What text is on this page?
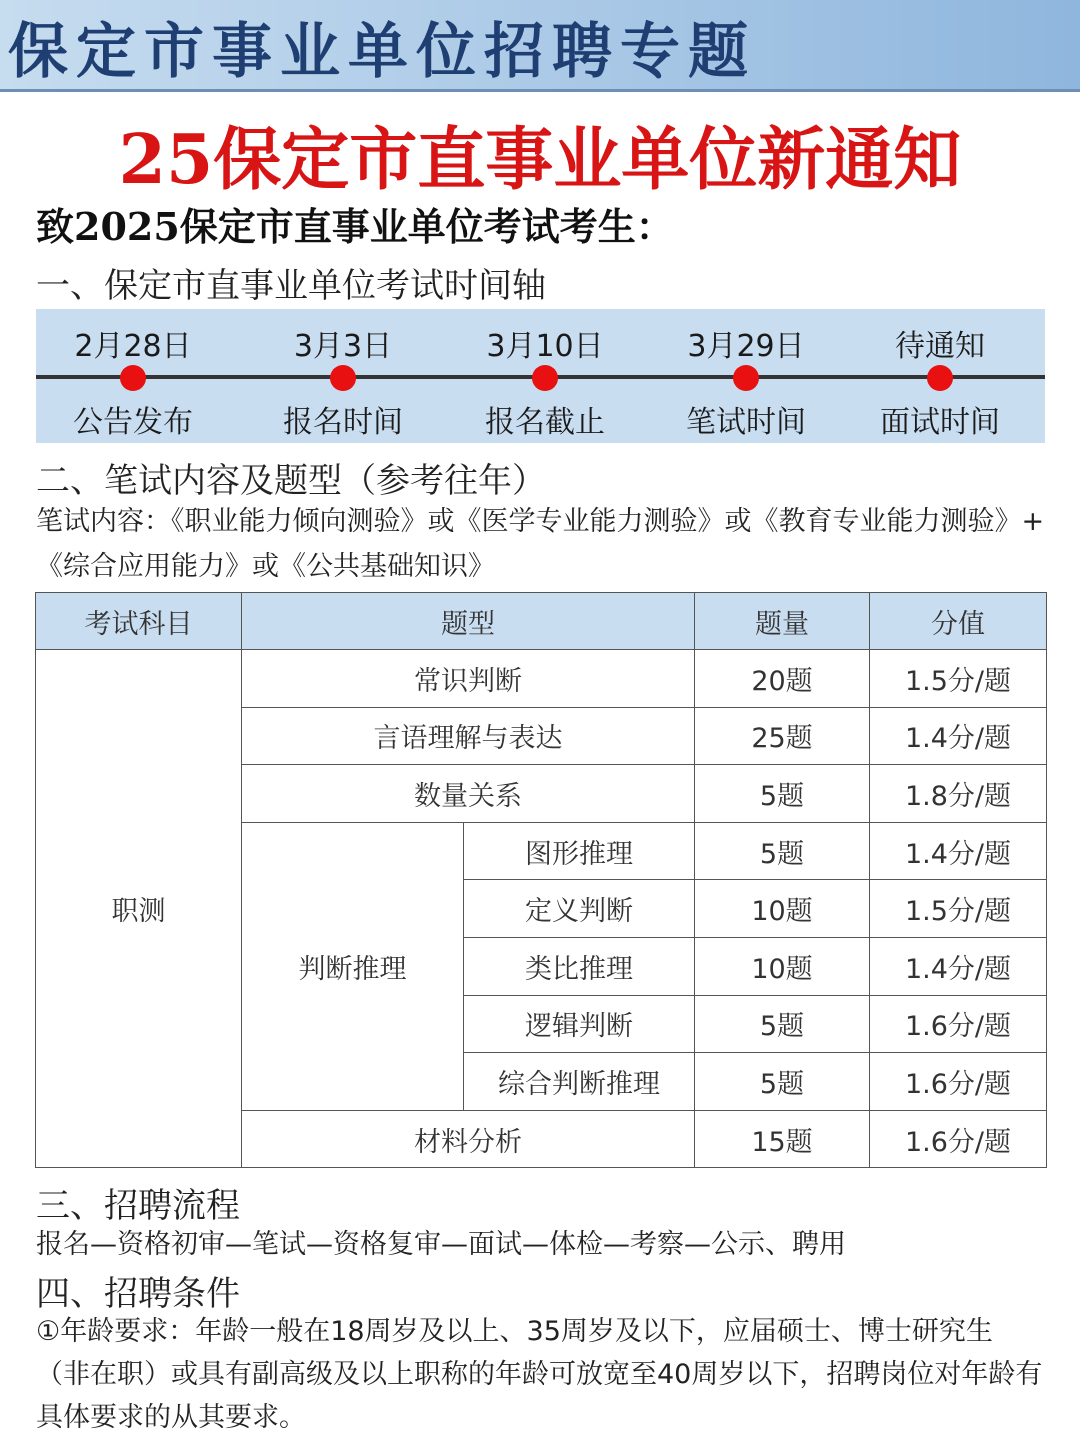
保定市事业单位招聘专题
25保定市直事业单位新通知
致2025保定市直事业单位考试考生：
一、保定市直事业单位考试时间轴
2月28日
公告发布
3月3日
报名时间
3月10日
报名截止
3月29日
笔试时间
待通知
面试时间
二、笔试内容及题型（参考往年）
笔试内容：《职业能力倾向测验》或《医学专业能力测验》或《教育专业能力测验》+《综合应用能力》或《公共基础知识》
考试科目	题型		题量	分值
职测	常识判断		20题	1.5分/题
	言语理解与表达		25题	1.4分/题
	数量关系		5题	1.8分/题
	判断推理	图形推理	5题	1.4分/题
		定义判断	10题	1.5分/题
		类比推理	10题	1.4分/题
		逻辑判断	5题	1.6分/题
		综合判断推理	5题	1.6分/题
	材料分析		15题	1.6分/题
三、招聘流程
报名—资格初审—笔试—资格复审—面试—体检—考察—公示、聘用
四、招聘条件
①年龄要求：年龄一般在18周岁及以上、35周岁及以下，应届硕士、博士研究生（非在职）或具有副高级及以上职称的年龄可放宽至40周岁以下，招聘岗位对年龄有具体要求的从其要求。
